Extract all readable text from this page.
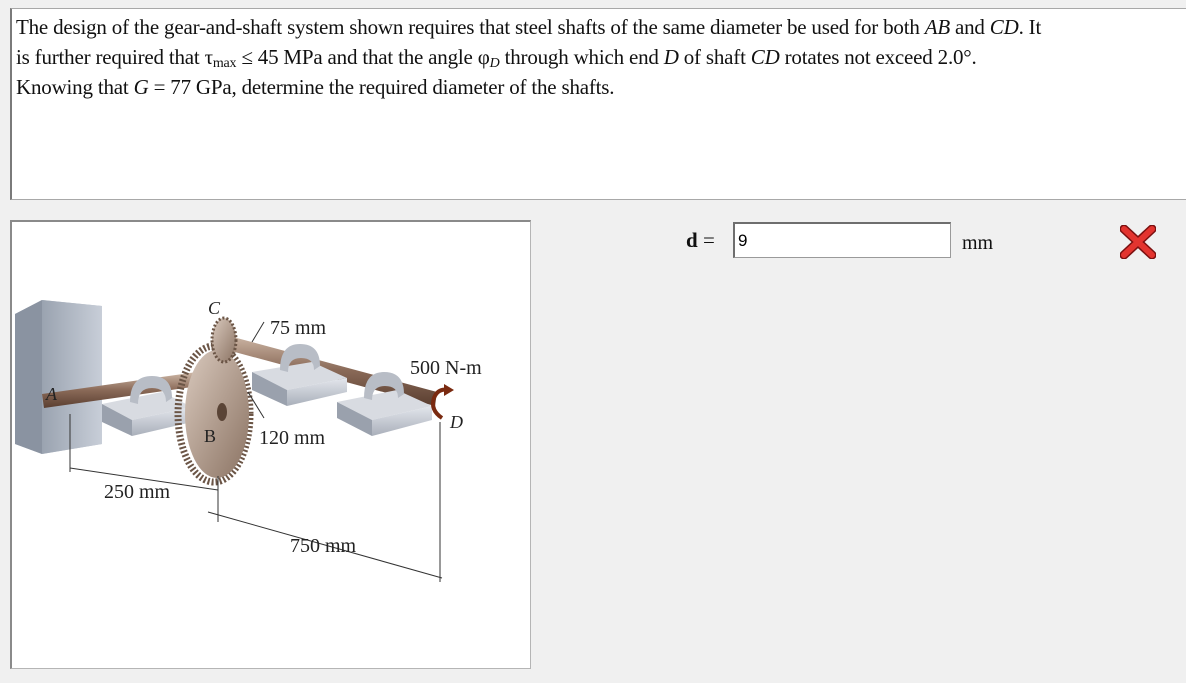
The design of the gear-and-shaft system shown requires that steel shafts of the same diameter be used for both AB and CD. It
is further required that $\tau_{max} \le 45$ MPa and that the angle $\varphi_D$ through which end D of shaft CD rotates not exceed 2.0°.
Knowing that G = 77 GPa, determine the required diameter of the shafts.
75 mm
500 N-m
120 mm
250 mm
750 mm
A
B
C
D
d =
9	mm
